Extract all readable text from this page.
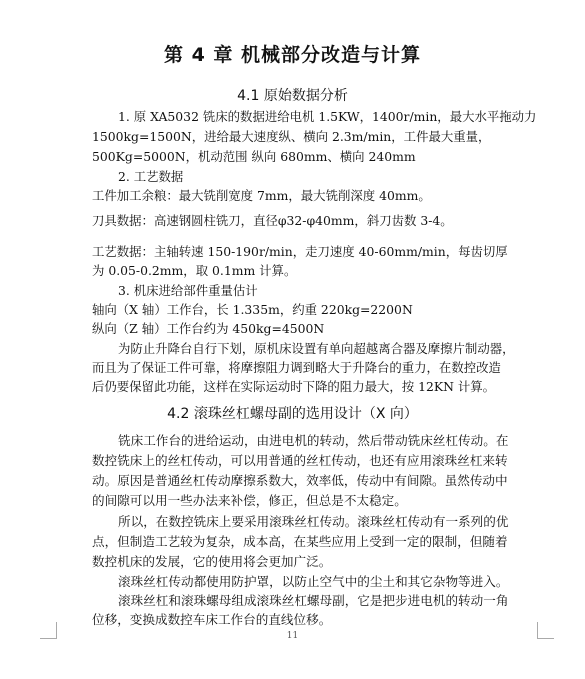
第 4 章 机械部分改造与计算
4.1 原始数据分析
1. 原 XA5032 铣床的数据进给电机 1.5KW，1400r/min，最大水平拖动力
1500kg=1500N，进给最大速度纵、横向 2.3m/min，工件最大重量，
500Kg=5000N，机动范围 纵向 680mm、横向 240mm
2. 工艺数据
工件加工余粮：最大铣削宽度 7mm，最大铣削深度 40mm。
刀具数据：高速钢圆柱铣刀，直径φ32-φ40mm，斜刀齿数 3-4。
工艺数据：主轴转速 150-190r/min，走刀速度 40-60mm/min，每齿切厚
为 0.05-0.2mm，取 0.1mm 计算。
3. 机床进给部件重量估计
轴向（X 轴）工作台，长 1.335m，约重 220kg=2200N
纵向（Z 轴）工作台约为 450kg=4500N
为防止升降台自行下划，原机床设置有单向超越离合器及摩擦片制动器，
而且为了保证工件可靠，将摩擦阻力调到略大于升降台的重力，在数控改造
后仍要保留此功能，这样在实际运动时下降的阻力最大，按 12KN 计算。
4.2 滚珠丝杠螺母副的选用设计（X 向）
铣床工作台的进给运动，由进电机的转动，然后带动铣床丝杠传动。在
数控铣床上的丝杠传动，可以用普通的丝杠传动，也还有应用滚珠丝杠来转
动。原因是普通丝杠传动摩擦系数大，效率低，传动中有间隙。虽然传动中
的间隙可以用一些办法来补偿，修正，但总是不太稳定。
所以，在数控铣床上要采用滚珠丝杠传动。滚珠丝杠传动有一系列的优
点，但制造工艺较为复杂，成本高，在某些应用上受到一定的限制，但随着
数控机床的发展，它的使用将会更加广泛。
滚珠丝杠传动都使用防护罩，以防止空气中的尘土和其它杂物等进入。
滚珠丝杠和滚珠螺母组成滚珠丝杠螺母副，它是把步进电机的转动一角
位移，变换成数控车床工作台的直线位移。
11
